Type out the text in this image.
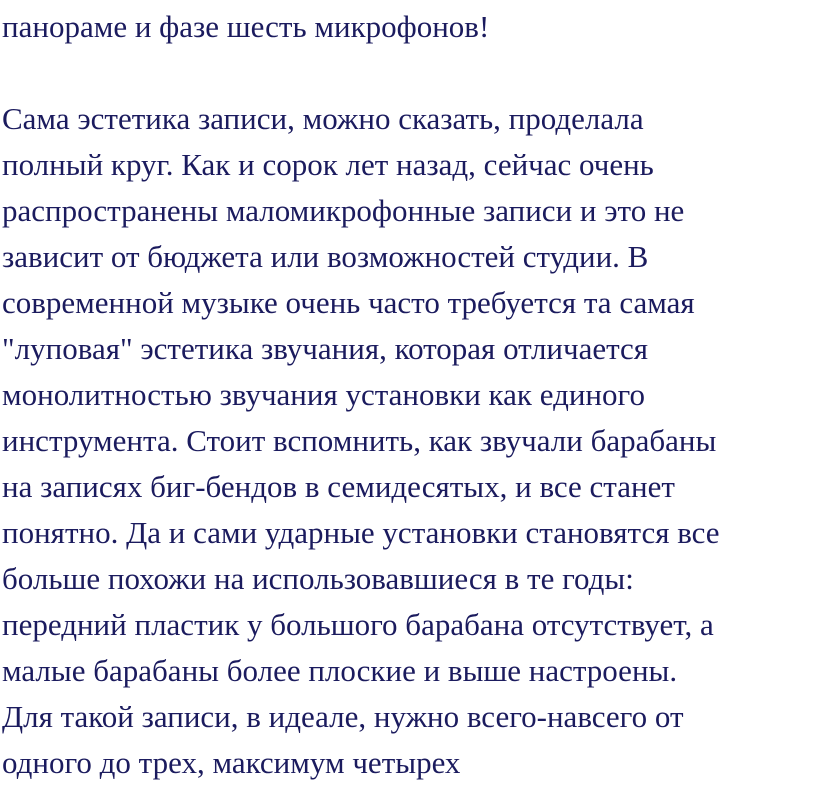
панораме и фазе шесть микрофонов!
Сама эстетика записи, можно сказать, проделала
полный круг. Как и сорок лет назад, сейчас очень
распространены маломикрофонные записи и это не
зависит от бюджета или возможностей студии. В
современной музыке очень часто требуется та самая
"луповая" эстетика звучания, которая отличается
монолитностью звучания установки как единого
инструмента. Стоит вспомнить, как звучали барабаны
на записях биг-бендов в семидесятых, и все станет
понятно. Да и сами ударные установки становятся все
больше похожи на использовавшиеся в те годы:
передний пластик у большого барабана отсутствует, а
малые барабаны более плоские и выше настроены.
Для такой записи, в идеале, нужно всего-навсего от
одного до трех, максимум четырех
